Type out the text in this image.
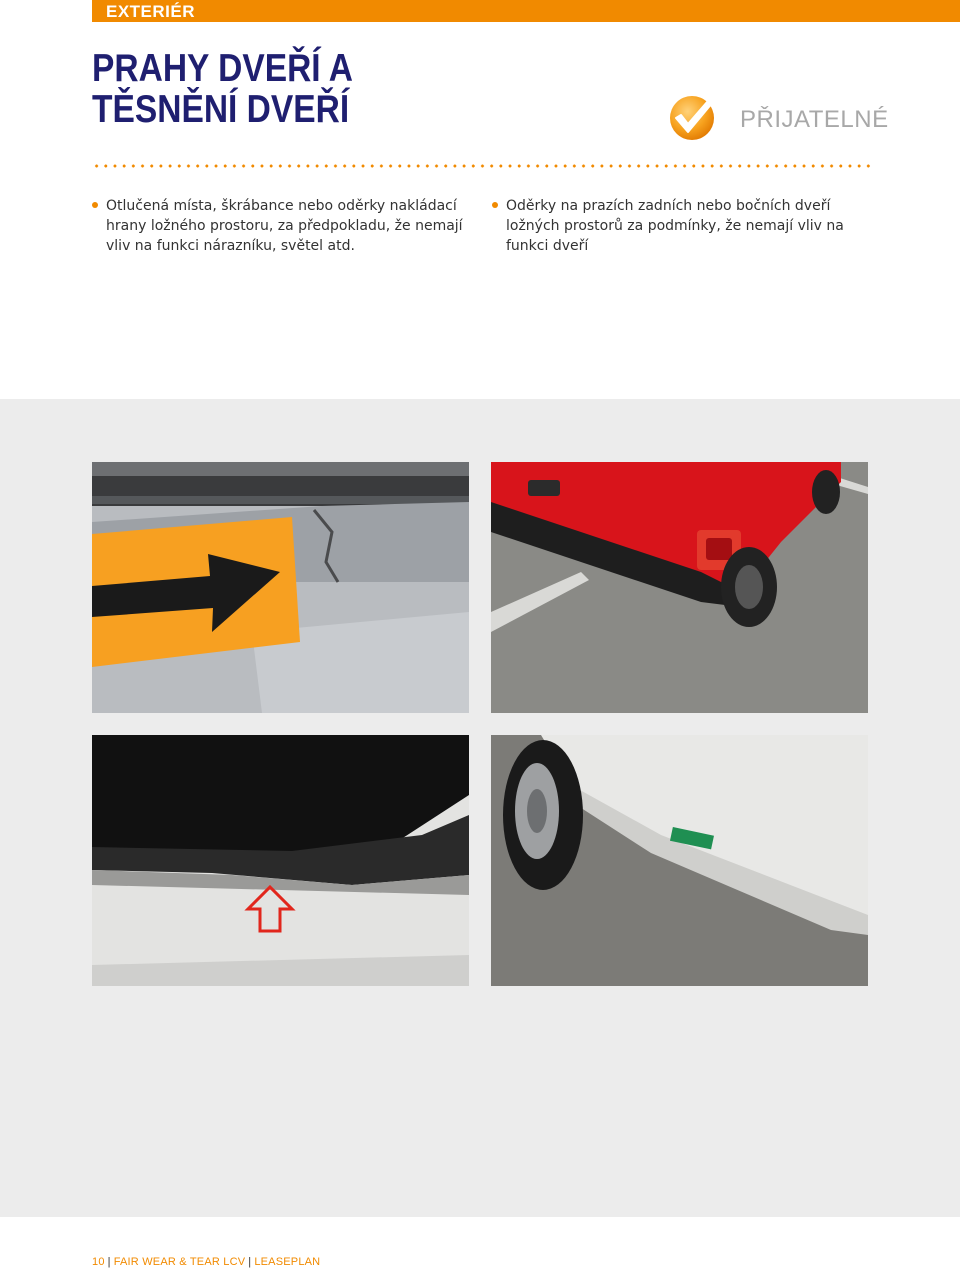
EXTERIÉR
PRAHY DVEŘÍ A
TĚSNĚNÍ DVEŘÍ	PŘIJATELNÉ
Otlučená místa, škrábance nebo oděrky nakládací hrany ložného prostoru, za předpokladu, že nemají vliv na funkci nárazníku, světel atd.
Oděrky na prazích zadních nebo bočních dveří ložných prostorů za podmínky, že nemají vliv na funkci dveří
10 | FAIR WEAR & TEAR LCV | LEASEPLAN
